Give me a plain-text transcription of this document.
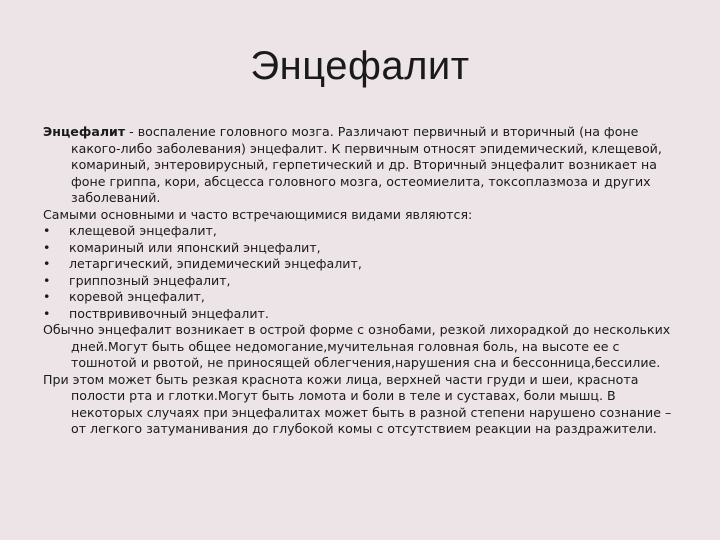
Энцефалит

Энцефалит - воспаление головного мозга. Различают первичный и вторичный (на фоне какого-либо заболевания) энцефалит. К первичным относят эпидемический, клещевой, комариный, энтеровирусный, герпетический и др. Вторичный энцефалит возникает на фоне гриппа, кори, абсцесса головного мозга, остеомиелита, токсоплазмоза и других заболеваний.

Самыми основными и часто встречающимися видами являются:

• клещевой энцефалит,
• комариный или японский энцефалит,
• летаргический, эпидемический энцефалит,
• гриппозный энцефалит,
• коревой энцефалит,
• постврививочный энцефалит.

Обычно энцефалит возникает в острой форме с ознобами, резкой лихорадкой до нескольких дней.Могут быть общее недомогание,мучительная головная боль, на высоте ее с тошнотой и рвотой, не приносящей облегчения,нарушения сна и бессонница,бессилие.

При этом может быть резкая краснота кожи лица, верхней части груди и шеи, краснота полости рта и глотки.Могут быть ломота и боли в теле и суставах, боли мышц. В некоторых случаях при энцефалитах может быть в разной степени нарушено сознание – от легкого затуманивания до глубокой комы с отсутствием реакции на раздражители.
